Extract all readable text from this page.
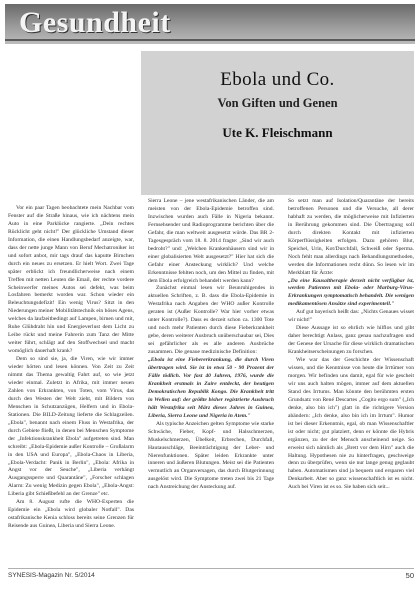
Gesundheit
Ebola und Co.
Von Giften und Genen
Ute K. Fleischmann

Vor ein paar Tagen beobachtete mein Nachbar vom Fenster auf die Straße hinaus, wie ich nächtens mein Auto in eine Parklücke rangierte. „Dein rechtes Rücklicht geht nicht!" Der glückliche Umstand dieser Information, die einen Handlungsbedarf anzeigte, war, dass der nette junge Mann von Beruf Mechatroniker ist und sofort anbot, mir tags drauf das kaputte Birnchen durch ein neues zu ersetzen. Er hielt Wort. Zwei Tage später erblickt ich freundlicherweise nach einem Treffen mit netten Leuten die Email, der rechte vordere Scheinwerfer meines Autos sei defekt, was beim Losfahren bemerkt worden war. Schon wieder ein Beleuchtungsdefizit! Ein wenig Virus? Sitzt in den Niederungen meiner Mobilitätstechnik ein böses Agens, welches da laufzeitbedingt auf Lampen, birnen und mit, Ruhe Glühdraht hin und Energieverlust dem Licht zu Leibe rückt und meine Fahrerin zum Tanz der Mitte weiter führt, schlägt auf den Stoffwechsel und macht womöglich dauerhaft krank?

Dem so sind sie, ja, die Viren, wie wir immer wieder hörten und lesen können. Von Zeit zu Zeit nimmt das Thema gewaltig Fahrt auf, so wie jetzt wieder einmal. Zuletzt in Afrika, mit immer neuen Zahlen von Erkrankten, von Toten, vom Virus, das durch den Westen der Welt zieht, mit Bildern von Menschen in Schutzanzügen, Helfern und in Ebola-Stationen. Die BILD-Zeitung lieferte die Schlagzeilen. „Ebola", benannt nach einem Fluss in Westafrika, der durch Gebiete fließt, in denen bei Menschen Symptome der „Infektionskrankheit Ebola" aufgetreten sind. Man schreibt: „Ebola-Epidemie außer Kontrolle – Großalarm in den USA und Europa", „Ebola-Chaos in Liberia, „Ebola-Verdacht: Panik in Berlin", „Ebola: Afrika in Angst vor der Seuche", „Liberia verhängt Ausgangssperre und Quarantäne", „Forscher schlagen Alarm: Zu wenig Medizin gegen Ebola", „Ebola-Angst: Liberia gibt Schießbefehl an der Grenze" etc.

Am 8. August rufte die WHO-Experten die Epidemie ein „Ebola wird globaler Notfall". Das ostafrikanische Kenia schloss bereits seine Grenzen für Reisende aus Guinea, Liberia und Sierra Leone.

Sierra Leone – jene westafrikanischen Länder, die am meisten von der Ebola-Epidemie betroffen sind. Inzwischen wurden auch Fälle in Nigeria bekannt. Fernsehsender und Radioprogramme berichten über die Gefahr, die man weltweit ausgesetzt würde. Das BR 2-Tagesgespräch vom 18. 8. 2014 fragte: „Sind wir auch bedroht?" und: „Welchen Krankenhäusern sind wir in einer globalisierten Welt ausgesetzt?" Hier hat sich die Gefahr einer Ansteckung wirklich? Und welche Erkenntnisse fehlten noch, um den Mittel zu finden, mit dem Ebola erfolgreich behandelt werden kann?

Zunächst einmal lesen wir Beunruhigendes in aktuellen Schriften, z. B. dass die Ebola-Epidemie in Westafrika nach Angaben der WHO außer Kontrolle geraten ist (Außer Kontrolle? War hier vorher etwas unter Kontrolle?). Dass es derzeit schon ca. 1300 Tote und noch mehr Patienten durch diese Fieberkrankheit gebe, deren weiterer Ausbruch unüberschaubar sei, Dies sei gefährlicher als es alle anderen Ausbrüche zusammen. Die genaue medizinische Definition:

„Ebola ist eine Fiebererkrankung, die durch Viren übertragen wird. Sie ist in etwa 50 - 90 Prozent der Fälle tödlich. Vor fast 40 Jahren, 1976, wurde die Krankheit erstmals in Zaire entdeckt, der heutigen Demokratischen Republik Kongo. Die Krankheit tritt in Wellen auf: der größte bisher registrierte Ausbruch hält Westafrika seit März dieses Jahres in Guinea, Liberia, Sierra Leone und Nigeria in Atem."

Als typische Anzeichen gelten Symptome wie starke Schwäche, Fieber, Kopf- und Halsschmerzen, Muskelschmerzen, Übelkeit, Erbrechen, Durchfall, Hautausschläge, Beeinträchtigung der Leber- und Nierenfunktionen. Später leiden Erkrankte unter inneren und äußeren Blutungen. Meist sei die Patienten vermutlich an Organversagen, das durch Blutgerinnung ausgelöst wird. Die Symptome treten zwei bis 21 Tage nach Anstreichung der Ansteckung auf.

So setzt man auf Isolation/Quarantäne der bereits betroffenen Personen und die Versuche, all derer habhaft zu werden, die möglicherweise mit Infizierten in Berührung gekommen sind. Die Übertragung soll durch direkten Kontakt mit infizierten Körperflüssigkeiten erfolgen. Dazu gehören Blut, Speichel, Urin, Kot/Durchfall, Schweiß oder Sperma. Noch fehlt man allerdings nach Behandlungsmethoden, werden die Informationen recht dünn. So lesen wir im Merkblatt für Ärzte:

„Da eine Kausaltherapie derzeit nicht verfügbar ist, werden Patienten mit Ebola- oder Marburg-Virus-Erkrankungen symptomatisch behandelt. Die wenigen medikamentösen Ansätze sind experimentell."

Auf gut bayerisch heißt das: „Nichts Genaues wisset wir nicht!"

Diese Aussage ist so ehrlich wie hilflos und gibt daher berechtigt Anlass, ganz genau nachzufragen und der Genese der Ursache für diese wirklich dramatischen Krankheitserscheinungen zu forschen.

Wie war das der Geschichte der Wissenschaft wissen, und die Kenntnisse von heute die Irrtümer von morgen. Wir befinden uns damit, egal für wie gescheit wir uns auch halten mögen, immer auf dem aktuellen Stand des Irrtums. Man könnte den berühmten ersten Grundsatz von René Descartes „Cogito ergo sum" („Ich denke, also bin ich") glatt in die richtigere Version abändern: „Ich denke, also bin ich im Irrtum". Humor ist bei dieser Erkenntnis, egal, ob man Wissenschaftler ist oder nicht; gut platziert, denn er könnte die Hybris ergänzen, zu der der Mensch anscheinend neige. So erweist sich nämlich als „Brett vor dem Hirn" auch die Haltung. Hypothesen nie zu hinterfragen, geschweige denn zu überprüfen, wenn sie nur lange genug geglaubt haben. Automatismen sind ja bequem und ersparen viel Denkarbeit. Aber so ganz wissenschaftlich ist es nicht. Auch bei Viren ist es so. Sie haben sich seit...

SYNESIS-Magazin Nr. 5/2014	50
